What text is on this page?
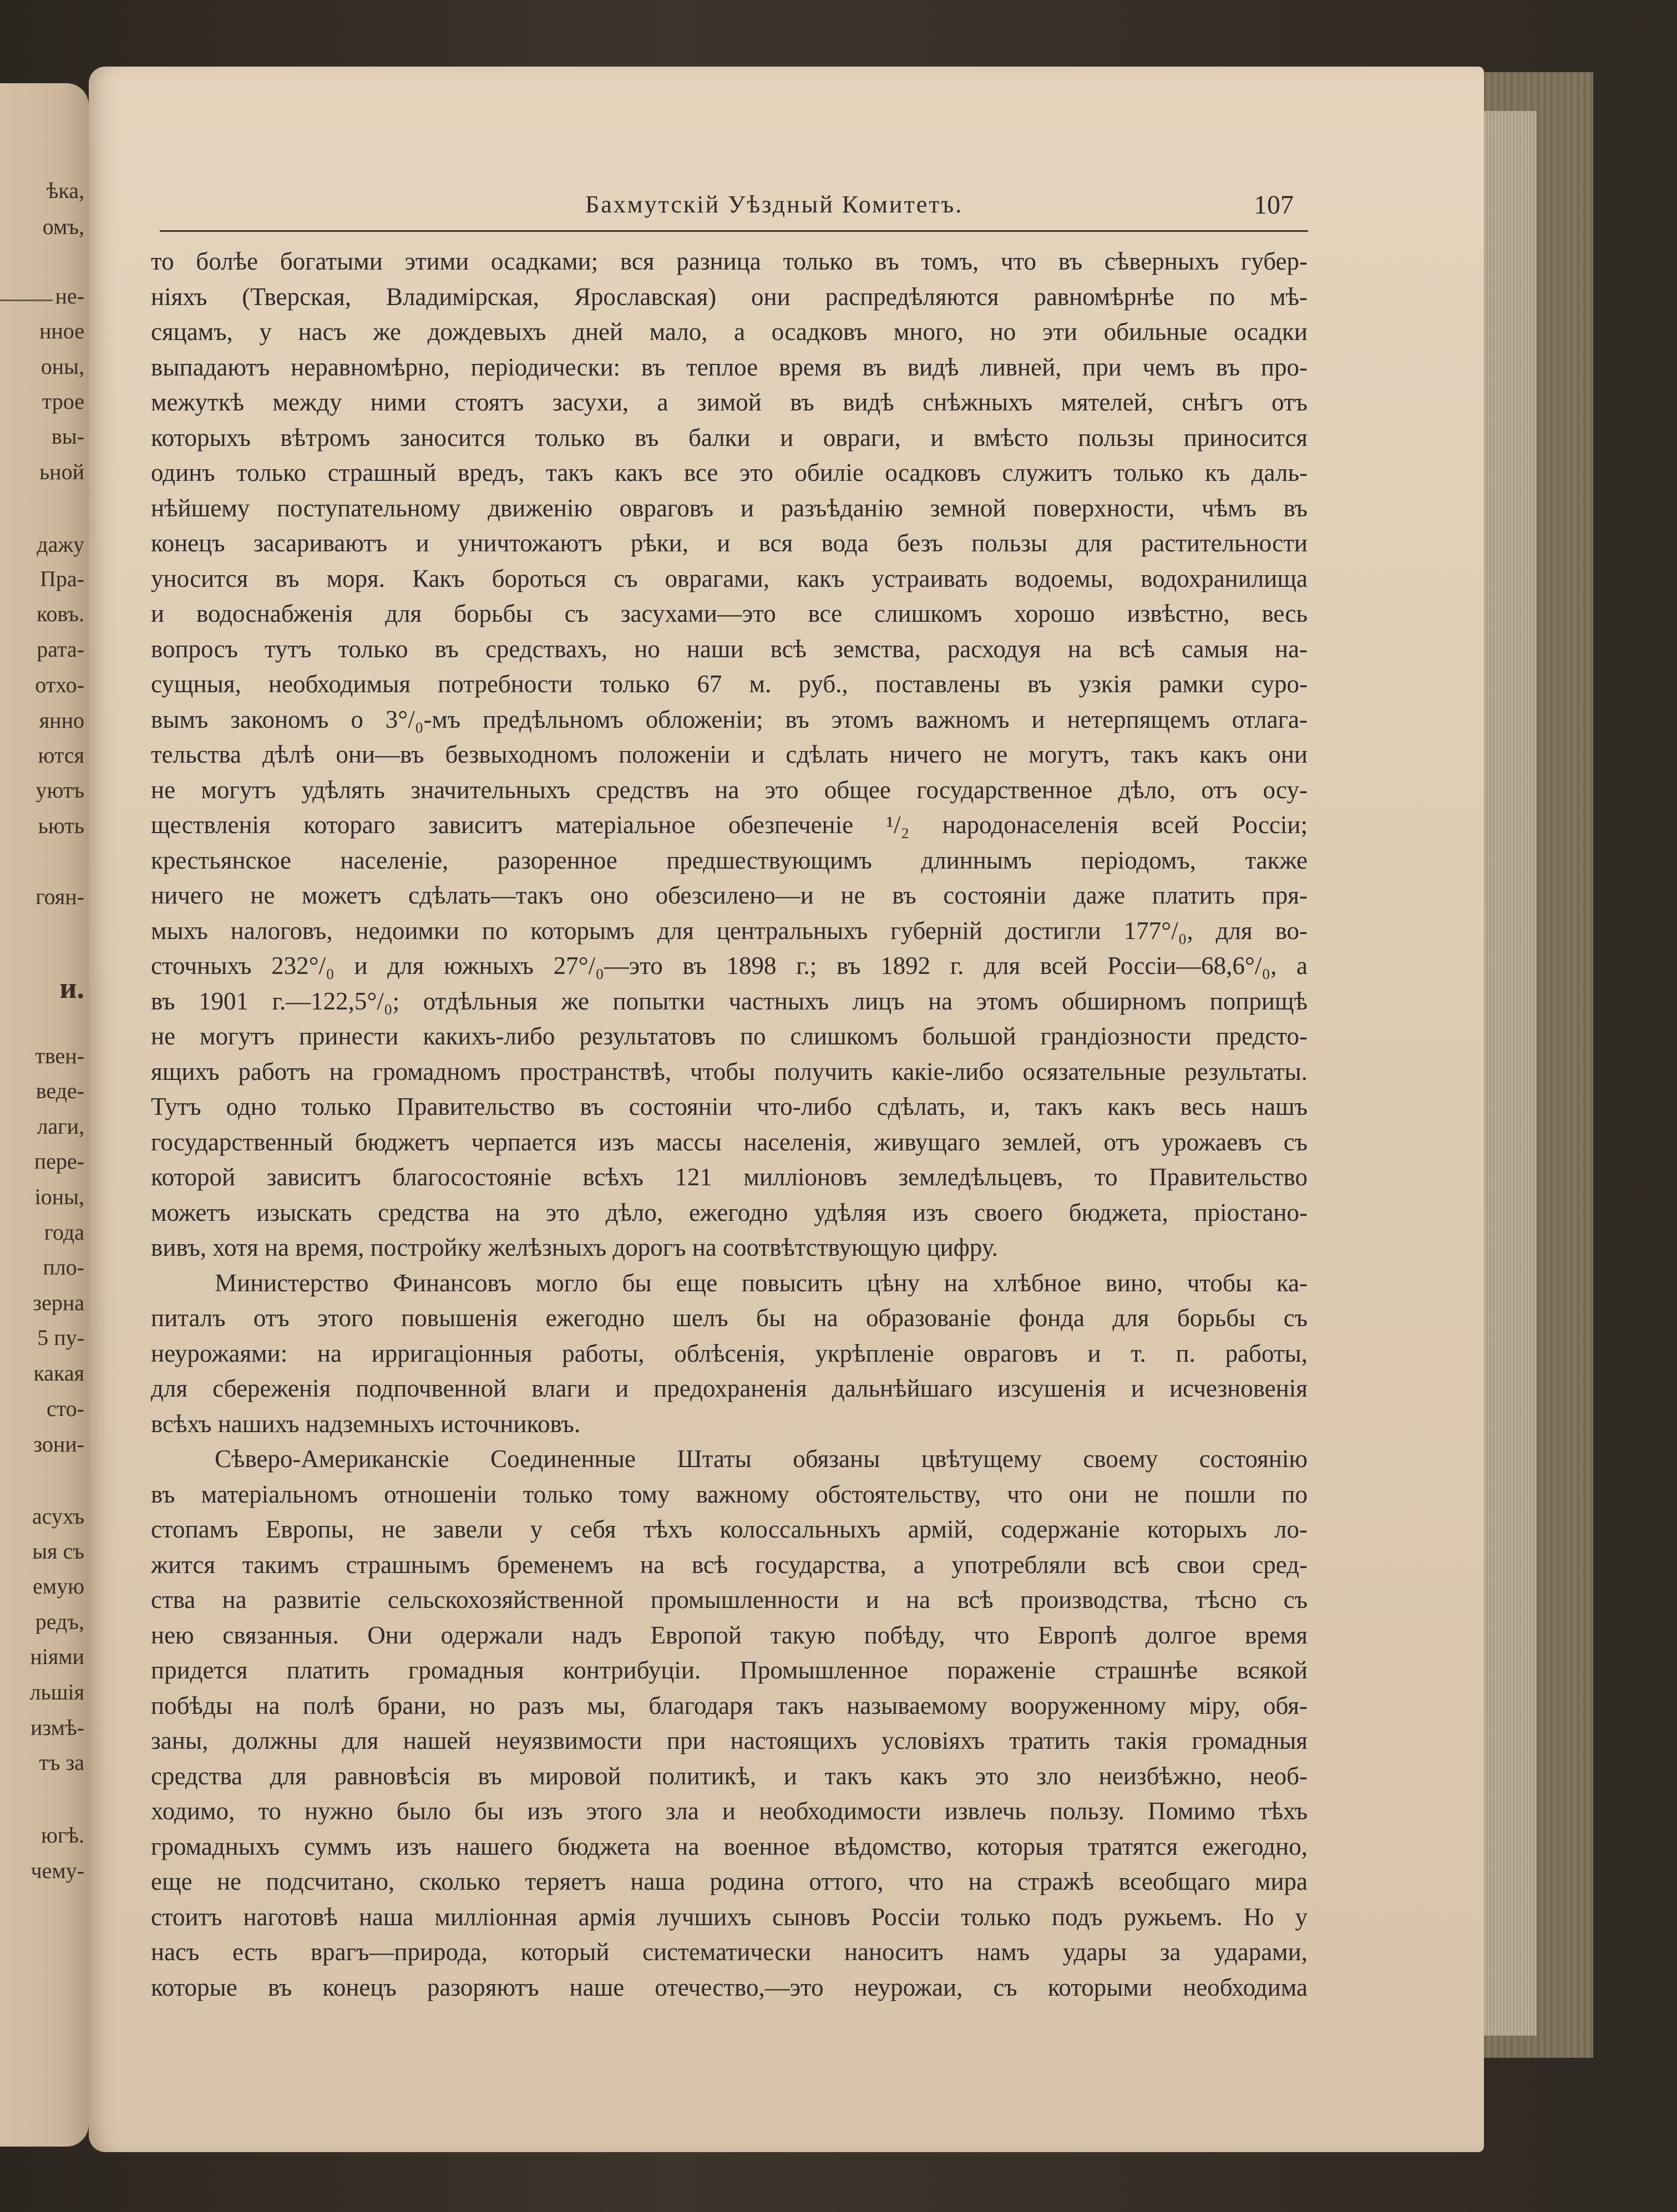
ѣка,
омъ,
не-
нное
оны,
трое
вы-
ьной
дажу
Пра-
ковъ.
рата-
отхо-
янно
ются
уютъ
ьють
гоян-
и.
твен-
веде-
лаги,
пере-
іоны,
года
пло-
зерна
5 пу-
какая
сто-
зони-
асухъ
ыя съ
емую
редъ,
ніями
льшія
измѣ-
тъ за
югѣ.
чему-
Бахмутскій Уѣздный Комитетъ.	107
то болѣе богатыми этими осадками; вся разница только въ томъ, что въ сѣверныхъ губер-
ніяхъ (Тверская, Владимірская, Ярославская) они распредѣляются равномѣрнѣе по мѣ-
сяцамъ, у насъ же дождевыхъ дней мало, а осадковъ много, но эти обильные осадки
выпадаютъ неравномѣрно, періодически: въ теплое время въ видѣ ливней, при чемъ въ про-
межуткѣ между ними стоятъ засухи, а зимой въ видѣ снѣжныхъ мятелей, снѣгъ отъ
которыхъ вѣтромъ заносится только въ балки и овраги, и вмѣсто пользы приносится
одинъ только страшный вредъ, такъ какъ все это обиліе осадковъ служитъ только къ даль-
нѣйшему поступательному движенію овраговъ и разъѣданію земной поверхности, чѣмъ въ
конецъ засариваютъ и уничтожаютъ рѣки, и вся вода безъ пользы для растительности
уносится въ моря. Какъ бороться съ оврагами, какъ устраивать водоемы, водохранилища
и водоснабженія для борьбы съ засухами—это все слишкомъ хорошо извѣстно, весь
вопросъ тутъ только въ средствахъ, но наши всѣ земства, расходуя на всѣ самыя на-
сущныя, необходимыя потребности только 67 м. руб., поставлены въ узкія рамки суро-
вымъ закономъ о 3°/₀-мъ предѣльномъ обложеніи; въ этомъ важномъ и нетерпящемъ отлага-
тельства дѣлѣ они—въ безвыходномъ положеніи и сдѣлать ничего не могутъ, такъ какъ они
не могутъ удѣлять значительныхъ средствъ на это общее государственное дѣло, отъ осу-
ществленія котораго зависитъ матеріальное обезпеченіе ¹/₂ народонаселенія всей Россіи;
крестьянское населеніе, разоренное предшествующимъ длиннымъ періодомъ, также
ничего не можетъ сдѣлать—такъ оно обезсилено—и не въ состояніи даже платить пря-
мыхъ налоговъ, недоимки по которымъ для центральныхъ губерній достигли 177°/₀, для во-
сточныхъ 232°/₀ и для южныхъ 27°/₀—это въ 1898 г.; въ 1892 г. для всей Россіи—68,6°/₀, а
въ 1901 г.—122,5°/₀; отдѣльныя же попытки частныхъ лицъ на этомъ обширномъ поприщѣ
не могутъ принести какихъ-либо результатовъ по слишкомъ большой грандіозности предсто-
ящихъ работъ на громадномъ пространствѣ, чтобы получить какіе-либо осязательные результаты.
Тутъ одно только Правительство въ состояніи что-либо сдѣлать, и, такъ какъ весь нашъ
государственный бюджетъ черпается изъ массы населенія, живущаго землей, отъ урожаевъ съ
которой зависитъ благосостояніе всѣхъ 121 милліоновъ земледѣльцевъ, то Правительство
можетъ изыскать средства на это дѣло, ежегодно удѣляя изъ своего бюджета, пріостано-
вивъ, хотя на время, постройку желѣзныхъ дорогъ на соотвѣтствующую цифру.
Министерство Финансовъ могло бы еще повысить цѣну на хлѣбное вино, чтобы ка-
питалъ отъ этого повышенія ежегодно шелъ бы на образованіе фонда для борьбы съ
неурожаями: на ирригаціонныя работы, облѣсенія, укрѣпленіе овраговъ и т. п. работы,
для сбереженія подпочвенной влаги и предохраненія дальнѣйшаго изсушенія и исчезновенія
всѣхъ нашихъ надземныхъ источниковъ.
Сѣверо-Американскіе Соединенные Штаты обязаны цвѣтущему своему состоянію
въ матеріальномъ отношеніи только тому важному обстоятельству, что они не пошли по
стопамъ Европы, не завели у себя тѣхъ колоссальныхъ армій, содержаніе которыхъ ло-
жится такимъ страшнымъ бременемъ на всѣ государства, а употребляли всѣ свои сред-
ства на развитіе сельскохозяйственной промышленности и на всѣ производства, тѣсно съ
нею связанныя. Они одержали надъ Европой такую побѣду, что Европѣ долгое время
придется платить громадныя контрибуціи. Промышленное пораженіе страшнѣе всякой
побѣды на полѣ брани, но разъ мы, благодаря такъ называемому вооруженному міру, обя-
заны, должны для нашей неуязвимости при настоящихъ условіяхъ тратить такія громадныя
средства для равновѣсія въ мировой политикѣ, и такъ какъ это зло неизбѣжно, необ-
ходимо, то нужно было бы изъ этого зла и необходимости извлечь пользу. Помимо тѣхъ
громадныхъ суммъ изъ нашего бюджета на военное вѣдомство, которыя тратятся ежегодно,
еще не подсчитано, сколько теряетъ наша родина оттого, что на стражѣ всеобщаго мира
стоитъ наготовѣ наша милліонная армія лучшихъ сыновъ Россіи только подъ ружьемъ. Но у
насъ есть врагъ—природа, который систематически наноситъ намъ удары за ударами,
которые въ конецъ разоряютъ наше отечество,—это неурожаи, съ которыми необходима
